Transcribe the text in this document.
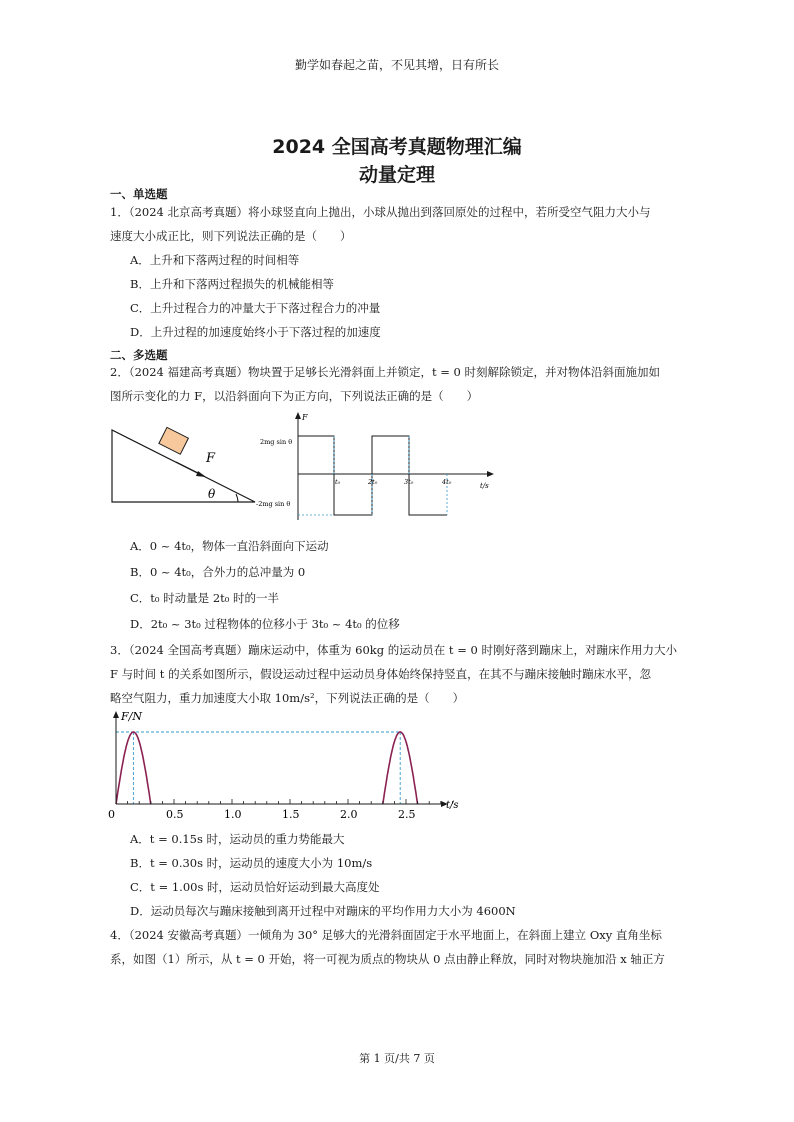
勤学如春起之苗，不见其增，日有所长
2024 全国高考真题物理汇编
动量定理
一、单选题
1．（2024 北京高考真题）将小球竖直向上抛出，小球从抛出到落回原处的过程中，若所受空气阻力大小与
速度大小成正比，则下列说法正确的是（　　）
A．上升和下落两过程的时间相等
B．上升和下落两过程损失的机械能相等
C．上升过程合力的冲量大于下落过程合力的冲量
D．上升过程的加速度始终小于下落过程的加速度
二、多选题
2．（2024 福建高考真题）物块置于足够长光滑斜面上并锁定，t = 0 时刻解除锁定，并对物体沿斜面施加如
图所示变化的力 F，以沿斜面向下为正方向，下列说法正确的是（　　）
F
θ
F
t/s
2mg sin θ
-2mg sin θ
t₀	2t₀	3t₀	4t₀
A．0 ~ 4t₀，物体一直沿斜面向下运动
B．0 ~ 4t₀，合外力的总冲量为 0
C．t₀ 时动量是 2t₀ 时的一半
D．2t₀ ~ 3t₀ 过程物体的位移小于 3t₀ ~ 4t₀ 的位移
3．（2024 全国高考真题）蹦床运动中，体重为 60kg 的运动员在 t = 0 时刚好落到蹦床上，对蹦床作用力大小
F 与时间 t 的关系如图所示，假设运动过程中运动员身体始终保持竖直，在其不与蹦床接触时蹦床水平，忽
略空气阻力，重力加速度大小取 10m/s²，下列说法正确的是（　　）
F/N
t/s
0	0.5	1.0	1.5	2.0	2.5
A．t = 0.15s 时，运动员的重力势能最大
B．t = 0.30s 时，运动员的速度大小为 10m/s
C．t = 1.00s 时，运动员恰好运动到最大高度处
D．运动员每次与蹦床接触到离开过程中对蹦床的平均作用力大小为 4600N
4．（2024 安徽高考真题）一倾角为 30° 足够大的光滑斜面固定于水平地面上，在斜面上建立 Oxy 直角坐标
系，如图（1）所示，从 t = 0 开始，将一可视为质点的物块从 0 点由静止释放，同时对物块施加沿 x 轴正方
第 1 页/共 7 页
